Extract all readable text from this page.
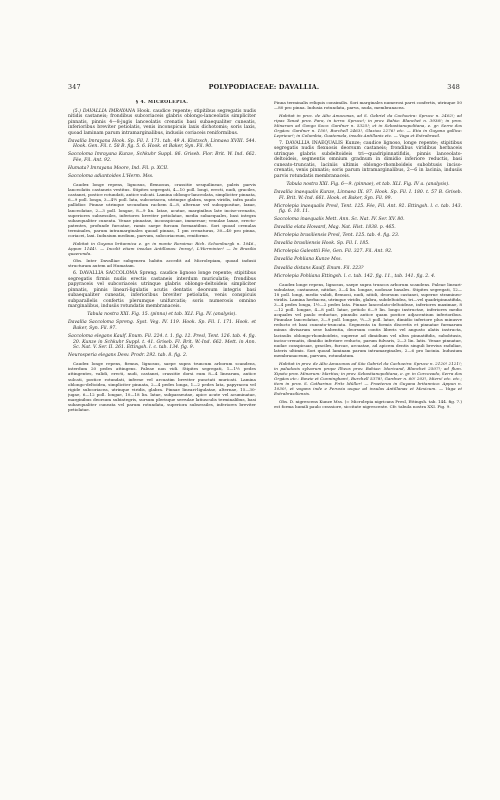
347	POLYPODIACEAE: DAVALLIA.	348
§ 4. MICROLEPIA.

(5.) DAVALLIA IMRAYANA Hook. caudice repente; stipitibus segregatis nudis nitidis castaneis; frondibus subcoriaceis glabris oblongo-lanceolatis simpliciter pinnatis, pinnis 4—8-jugis lanceolatis crenatis basi subaequaliter cuneatis, inferioribus breviter petiolatis, venis inconspicuis laxis dichotomis; soris laxis, quoad laminam parum intramarginalibus, indusiis coriaceis reniformibus.

Davallia Imrayana Hook. Sp. Fil. I. 171. tab. 49 A. Klotzsch, Linnaea XVIII. 544. Hook. Gen. Fil. t. 58 B. fig. 5. 6. Hook. et Baker, Syn. Fil. 90.

Saccoloma Imrayana Kunze, Schkuhr Suppl. 86. Griseb. Flor. Brit. W. Ind. 662. Fée, Fil. Ant. 92.

Humata? Imrayana Moore, Ind. Fil. p. XCII.

Saccoloma adiantoides L'Herm. Mss.

Caudex longe repens, lignosus, flexuosus, crassitie sesquilineae, paleis parvis lanceolatis castaneis vestitus. Stipites segregati, 4—10 poll. longi, erecti, nudi, graciles, castanei, postice rotundati, antice sulcati. Lamina oblongo-lanceolata, simpliciter pinnata, 6—9 poll. longa, 3—4½ poll. lata, subcoriacea, utrinque glabra, supra viridis, infra paulo pallidior. Pinnae utrinque secundum rachem 4—8, alternae vel suboppositae, laxae, lanceolatae, 2—3 poll. longae, 8—9 lin. latae, acutae, marginibus late incise-crenatis, superiores subsessiles, inferiores breviter petiolatae, media subaequales, basi integra subaequaliter cuneata. Venae pinnatae, inconspicuae, immersae; venulae laxae, erecto-patentes, profunde furcatae, ramis saepe furcam formantibus. Sori quoad crenulas terminales, parum intramarginales quoad pinnas, 1 pm crenaturas, 30—40 pro pinna, coriacei, laxi. Indusium medium, parvum, subcoriaceum, reniforme.

Habitat in Guyana britannica e. gr. in monte Roraima: Rich. Schomburgk n. 1046., Appun 1144!. — Incolit etiam insulas Antillanas: Imray!, L'Herminier! — In Brasilia quaerenda.

Obs. Inter Davalliae subgenera habitu accedit ad Microlepiam, quoad indusii structuram autem ad Humatam.

6. DAVALLIA SACCOLOMA Spreng. caudice lignoso longe repente; stipitibus segregatis firmis nudis erectis castaneis interdum muriculatis; frondibus papyraceis vel subcoriaceis utrinque glabris oblongo-deltoideis simpliciter pinnatis, pinnis lineari-ligulatis acutis dentatis deorsum integris basi subaequaliter cuneatis, inferioribus breviter petiolatis, venis conspicuis subparallelis confertis plerumque unifurcatis; soris numerosis omnino marginalibus, indusiis rotundatis membranaceis.

Tabula nostra XXI. Fig. 15. (pinna) et tab. XLI. Fig. IV. (analysis).

Davallia Saccoloma Spreng. Syst. Veg. IV. 119. Hook. Sp. Fil. I. 171. Hook. et Baker, Syn. Fil. 97.

Saccoloma elegans Kaulf. Enum. Fil. 224. t. 1. fig. 12. Presl, Tent. 126. tab. 4. fig. 20. Kunze in Schkuhr Suppl. t. 41. Griseb. Fl. Brit. W.-Ind. 662. Mett. in Ann. Sc. Nat. V. Ser. II. 261. Ettingsh. l. c. tab. 134. fig. 9.

Neurosperia elegans Desv. Prodr. 292. tab. 8. fig. 2.

Caudex longe repens, firmus, lignosus, saepe supra truncum arborum scandens, interdum 20 pedes attingens. Paleae non vidi. Stipites segregati, 1—1½ pedes attingentes, validi, erecti, nudi, castanei, crassitie dorsi eum 8—4 linearum, antice sulcati, postice rotundati, inferne vel arcuatim breviter punctati muricati. Lamina oblongo-deltoidea, simpliciter pinnata, 2—4 pedes longa, 1—2 pedes lata, papyracea vel rigide subcoriacea, utrinque viridis, glabra. Pinnae lineari-ligulatae, alternae, 15—30-jugae, 6—12 poll. longae, 10—18 lin. latae, subparaeutae, apice acute vel acuminatae, marginibus deorsum subintegris, sursum plerisque serrulae latiusculis terminalibus, basi subaequaliter cuneata vel parum rotundata, superiora subsessiles, inferiores breviter petiolatae.

Pinna terminalis reliquis consimilis. Sori marginales numerosi parvi confertis, utrinque 50—80 pro pinna. Indusia rotundata, parva, nuda, membranacea.

Habitat in proc. de Alto Amazonas, ad S. Gabriel da Cachoeira: Spruce n. 2402!; ad ripas Tanaē prov. Para, in terra: Spruce!; in prov. Bahia: Blanchet n. 3936!; in prov. Minarum ad Gongo Soco: Gardner n. 5325!; et in Sebastianopolitana, e. gr. Serra dos Orgãos: Gardner n. 150!, Burchell 2463!, Glaziou 2276! etc. — Etia in Guyana gallica: Leprieur!; in Columbia, Guatemala, insulis Antillanis etc. — Vaga et Extrabrasil.

7. DAVALLIA INAEQUALIS Kunze; caudice lignoso, longe repente; stipitibus segregatis nudis flexuosis deorsum castaneis; frondibus viridibus herbaceis utrinque glabris subdeltoideis tri—quadripinnatifidis, pinnis lanceolato-deltoideis, segmentis omnium gradnum in dimidio inferiore reductis, basi cuneato-truncatis, laciniis ultimis oblongo-rhomboideis subobtusis inciso-crenatis, venis pinnatis; soris parum intramarginalibus, 2—6 in lacinia, indusiis parvis rotundatis membranaceis.

Tabula nostra XXI. Fig. 6—9. (pinnae), et tab. XLI. Fig. IV a. (analysis).

Davallia inaequalis Kunze, Linnaea IX. 87. Hook. Sp. Fil. I. 180. t. 57 B. Griseb. Fl. Brit. W.-Ind. 661. Hook. et Baker, Syn. Fil. 99.

Microlepia inaequalis Presl, Tent. 125. Fée, Fil. Ant. 92. Ettingsh. l. c. tab. 143. fig. 6. 10. 11.

Saccoloma inaequalis Mett. Ann. Sc. Nat. IV. Ser. XV. 80.

Davallia elata Howard, Mag. Nat. Hist. 1838. p. 465.

Microlepia brasiliensis Presl, Tent. 125. tab. 4. fig. 23.

Davallia brasiliensis Hook. Sp. Fil. I. 185.

Microlepia Galeottii Fée, Gen. Fil. 327. Fil. Ant. 92.

Davallia Pohliana Kunze Mss.

Davallia distans Kaulf. Enum. Fil. 223?

Microlepia Pohliana Ettingsh. l. c. tab. 142. fig. 11., tab. 141. fig. 2. 4.

Caudex longe repens, lignosus, saepe supra truncos arborum scandens. Paleae lineari-subulatae, castaneae, nitidae, 3—4 lin. longae, nodosae basales. Stipites segregati, 12—18 poll. longi, medio validi, flexuosi, nudi, nitidi, deorsum castanei, superne stramineo-viridis. Lamina herbacea, utrinque viridis, glabra, subdeltoidea, tri—vel quadripinnatifida, 3—4 pedes longa, 1½—2 pedes lata. Pinnae lanceolato-deltoideae, inferiores maximae, 8—12 poll. longae, 4—8 poll. latae, petiolo 6—9 lin. longo instructae, inferiores medio acquales vel paulo reductae, pinnulis antice quam postice adjacentium inferioribus. Pinnulae lanceolatae, 3—9 poll. longae, ½—3 poll. latae, dimidio inferiore plus minusve reducto et basi cuneato-truncata. Segmenta in formis discretis et pinnatae furmarum minus divisarum sese habentia, deorsum contis liberis vel angusto alatis instructa, lacinulis oblongo-rhomboideis, superne ad dimidium vel ultra pinnatifidis, subobtusis, inciso-crenatis, dimidio inferiore reducto, parum fulvaris, 2—3 lin. latis. Venae pinnatae, nudae conspicuae, graciles, furcae, arcuatae, ad apicem dentis singuli brevius raduliae, lateris ultimis. Sori quoad laminam parum intramarginales, 2—6 pro lacinia. Indusium membranaceum, parvum, rotundatum.

Habitat in prov. de Alto Amazonas ad São Gabriel da Cachoeira: Spruce n. 2120! 2121!; in paludosis sylvarum prope Ilheos prov. Bahiae: Moricand, Blanchet 2507!; ad flum. Xipoto prov. Minarum: Martius; in prov. Sebastianopolitana, e. gr. in Corcovado, Serra dos Orgãos etc.: Bowie et Cunningham!, Burchell 5378!, Gardner n. 60! 203!, Miers! etc. etc.; item in prov. S. Catharina: Fritz Müller! — Praeterea in Guyana britannica: Appun n. 1030!, et vagans inde e Peruvia usque ad insulas Antillanas et Mexicum. — Vaga et Extrabrasiliensis.

Obs. D. nigrescens Kunze Mss. (= Microlepia nigricans Presl, Ettingsh. tab. 144. fig. 7.) est forma humili paulo crassiore, siccitate nigrescente. Cfr. tabula nostra XXI. Fig. 9.
